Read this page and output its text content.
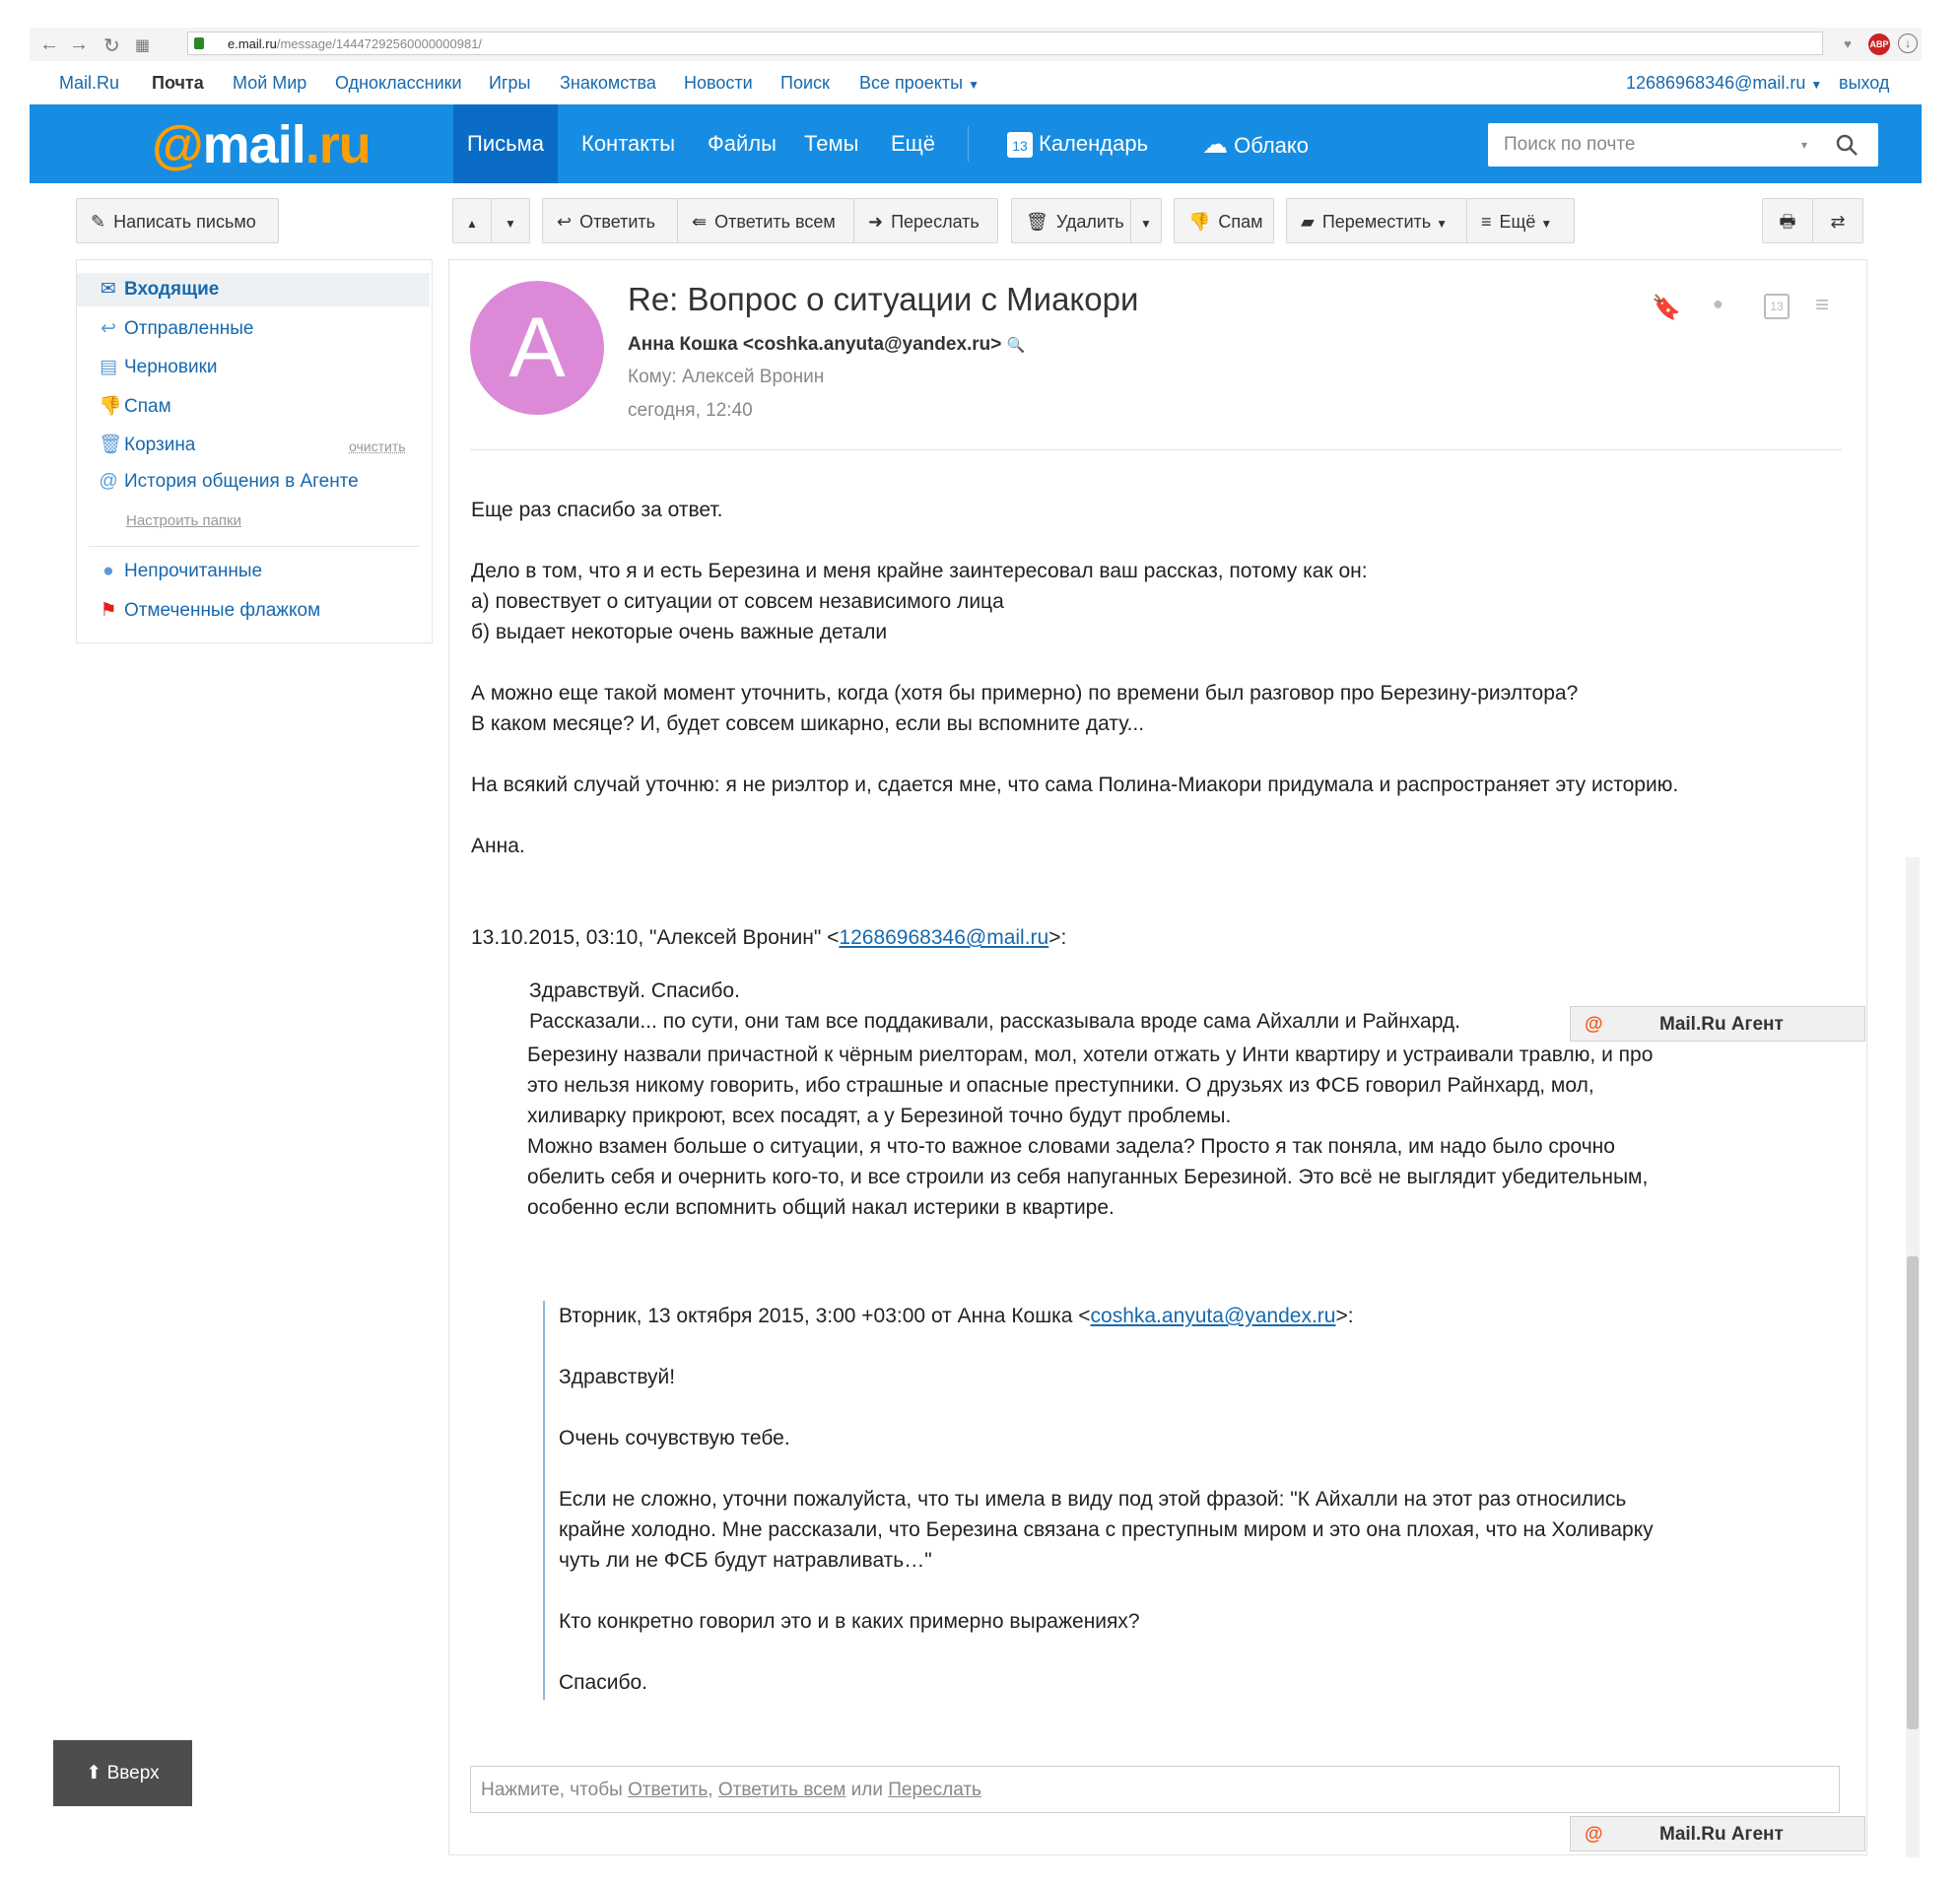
← → ↻ ▦	e.mail.ru/message/14447292560000000981/	♥	ABP	↓
Mail.Ru Почта Мой Мир Одноклассники Игры Знакомства Новости Поиск Все проекты ▼	12686968346@mail.ru ▼ выход
@mail.ru	Письма	Контакты	Файлы	Темы	Ещё	13 Календарь	☁ Облако	Поиск по почте	▾
✎ Написать письмо	▲	▼	↩ Ответить	⇚ Ответить всем	➜ Переслать	🗑 Удалить	▼	👎 Спам	▰ Переместить ▼	≡ Ещё ▼	🖶	⇄
✉ Входящие
↩ Отправленные
▤ Черновики
👎 Спам
🗑Корзина	очистить
@ История общения в Агенте
Настроить папки
● Непрочитанные
⚑ Отмеченные флажком
А
Re: Вопрос о ситуации с Миакори
Анна Кошка <coshka.anyuta@yandex.ru> 🔍
Кому: Алексей Вронин
сегодня, 12:40
🔖 ●	13 ≡
Еще раз спасибо за ответ.
Дело в том, что я и есть Березина и меня крайне заинтересовал ваш рассказ, потому как он:
а) повествует о ситуации от совсем независимого лица
б) выдает некоторые очень важные детали
А можно еще такой момент уточнить, когда (хотя бы примерно) по времени был разговор про Березину-риэлтора?
В каком месяце? И, будет совсем шикарно, если вы вспомните дату...
На всякий случай уточню: я не риэлтор и, сдается мне, что сама Полина-Миакори придумала и распространяет эту историю.
Анна.
13.10.2015, 03:10, "Алексей Вронин" <12686968346@mail.ru>:
Здравствуй. Спасибо.
Рассказали... по сути, они там все поддакивали, рассказывала вроде сама Айхалли и Райнхард.
Березину назвали причастной к чёрным риелторам, мол, хотели отжать у Инти квартиру и устраивали травлю, и про
это нельзя никому говорить, ибо страшные и опасные преступники. О друзьях из ФСБ говорил Райнхард, мол,
хиливарку прикроют, всех посадят, а у Березиной точно будут проблемы.
Можно взамен больше о ситуации, я что-то важное словами задела? Просто я так поняла, им надо было срочно
обелить себя и очернить кого-то, и все строили из себя напуганных Березиной. Это всё не выглядит убедительным,
особенно если вспомнить общий накал истерики в квартире.
Вторник, 13 октября 2015, 3:00 +03:00 от Анна Кошка <coshka.anyuta@yandex.ru>:
Здравствуй!
Очень сочувствую тебе.
Если не сложно, уточни пожалуйста, что ты имела в виду под этой фразой: "К Айхалли на этот раз относились
крайне холодно. Мне рассказали, что Березина связана с преступным миром и это она плохая, что на Холиварку
чуть ли не ФСБ будут натравливать…"
Кто конкретно говорил это и в каких примерно выражениях?
Спасибо.
@	Mail.Ru Агент
Нажмите, чтобы Ответить, Ответить всем или Переслать
@	Mail.Ru Агент
⬆ Вверх
